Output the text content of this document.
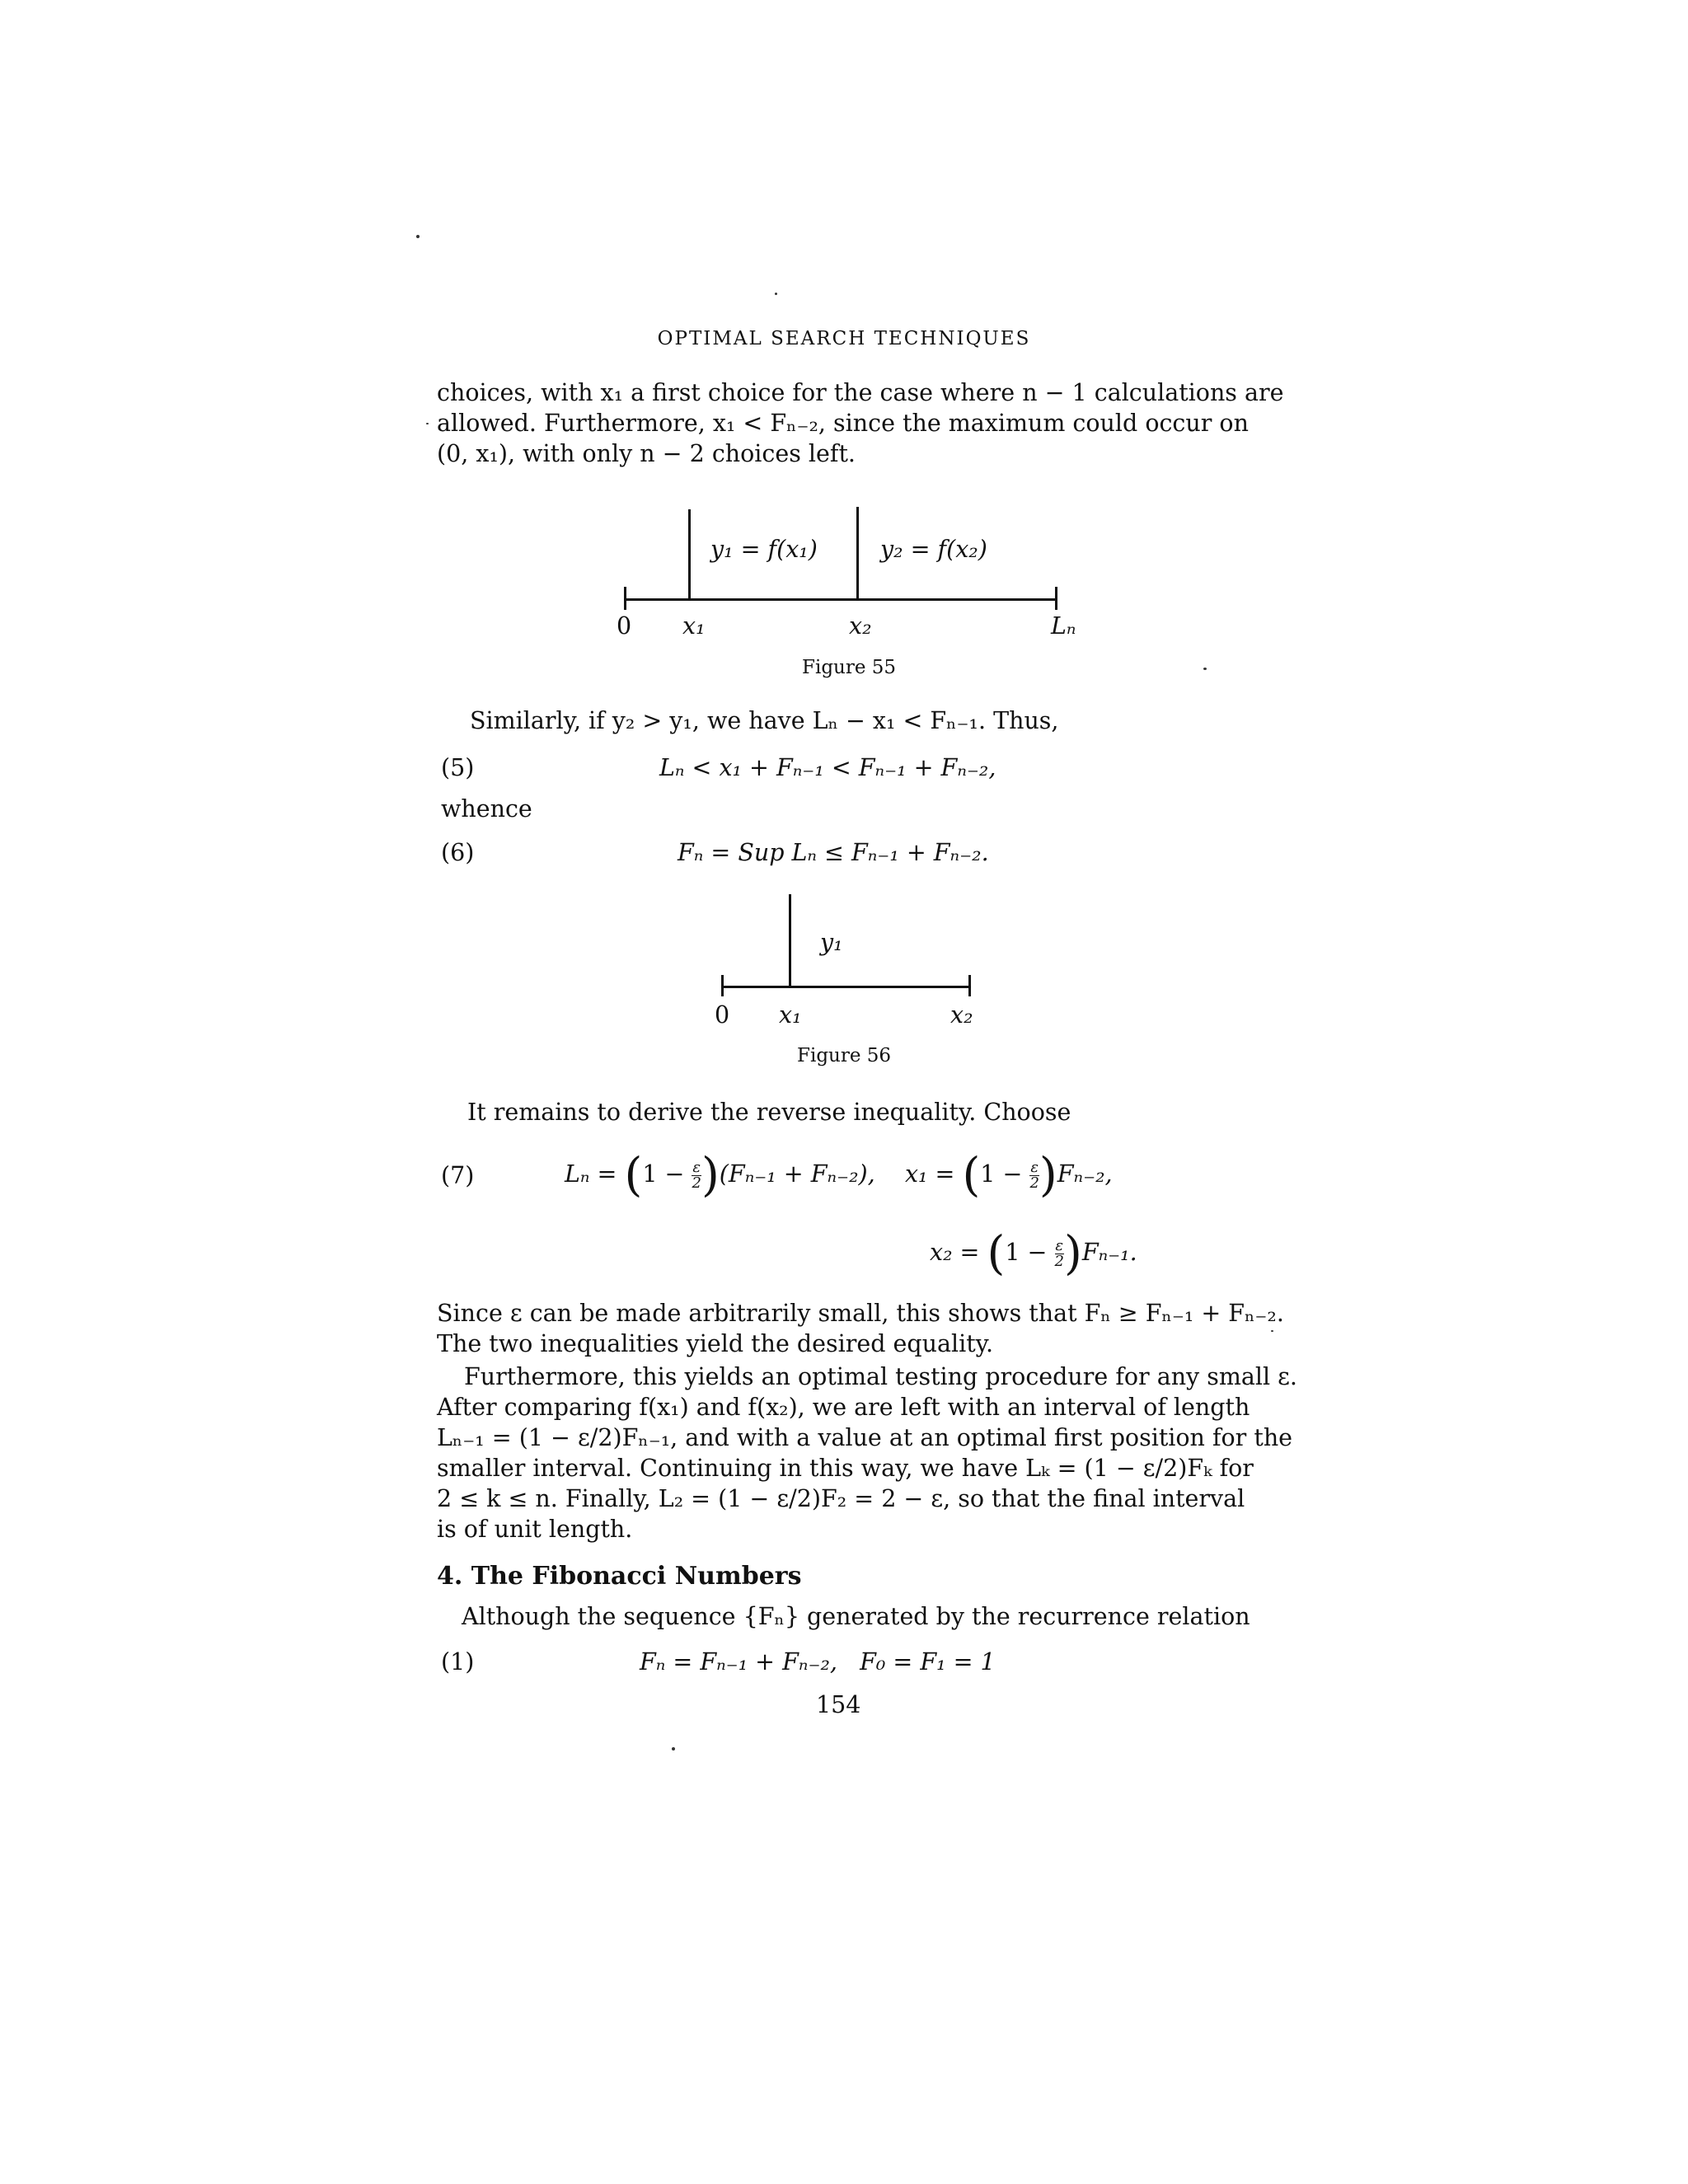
OPTIMAL SEARCH TECHNIQUES
choices, with x₁ a first choice for the case where n − 1 calculations are
allowed. Furthermore, x₁ < Fₙ₋₂, since the maximum could occur on
(0, x₁), with only n − 2 choices left.
y₁ = f(x₁)	y₂ = f(x₂)
0 x₁	x₂	Lₙ
Figure 55
Similarly, if y₂ > y₁, we have Lₙ − x₁ < Fₙ₋₁. Thus,
(5)	Lₙ < x₁ + Fₙ₋₁ < Fₙ₋₁ + Fₙ₋₂,
whence
(6)	Fₙ = Sup Lₙ ≤ Fₙ₋₁ + Fₙ₋₂.
y₁
0 x₁	x₂
Figure 56
It remains to derive the reverse inequality. Choose
(7)	$L_n = (1 - \frac{\varepsilon}{2} )(F_{n-1} + F_{n-2})$, $x_1 = (1 - \frac{\varepsilon}{2} )F_{n-2}$,
$x_2 = (1 - \frac{\varepsilon}{2} )F_{n-1}$.
Since ε can be made arbitrarily small, this shows that Fₙ ≥ Fₙ₋₁ + Fₙ₋₂.
The two inequalities yield the desired equality.
Furthermore, this yields an optimal testing procedure for any small ε.
After comparing f(x₁) and f(x₂), we are left with an interval of length
Lₙ₋₁ = (1 − ε/2)Fₙ₋₁, and with a value at an optimal first position for the
smaller interval. Continuing in this way, we have Lₖ = (1 − ε/2)Fₖ for
2 ≤ k ≤ n. Finally, L₂ = (1 − ε/2)F₂ = 2 − ε, so that the final interval
is of unit length.
4. The Fibonacci Numbers
Although the sequence {Fₙ} generated by the recurrence relation
(1)	Fₙ = Fₙ₋₁ + Fₙ₋₂,   F₀ = F₁ = 1
154
